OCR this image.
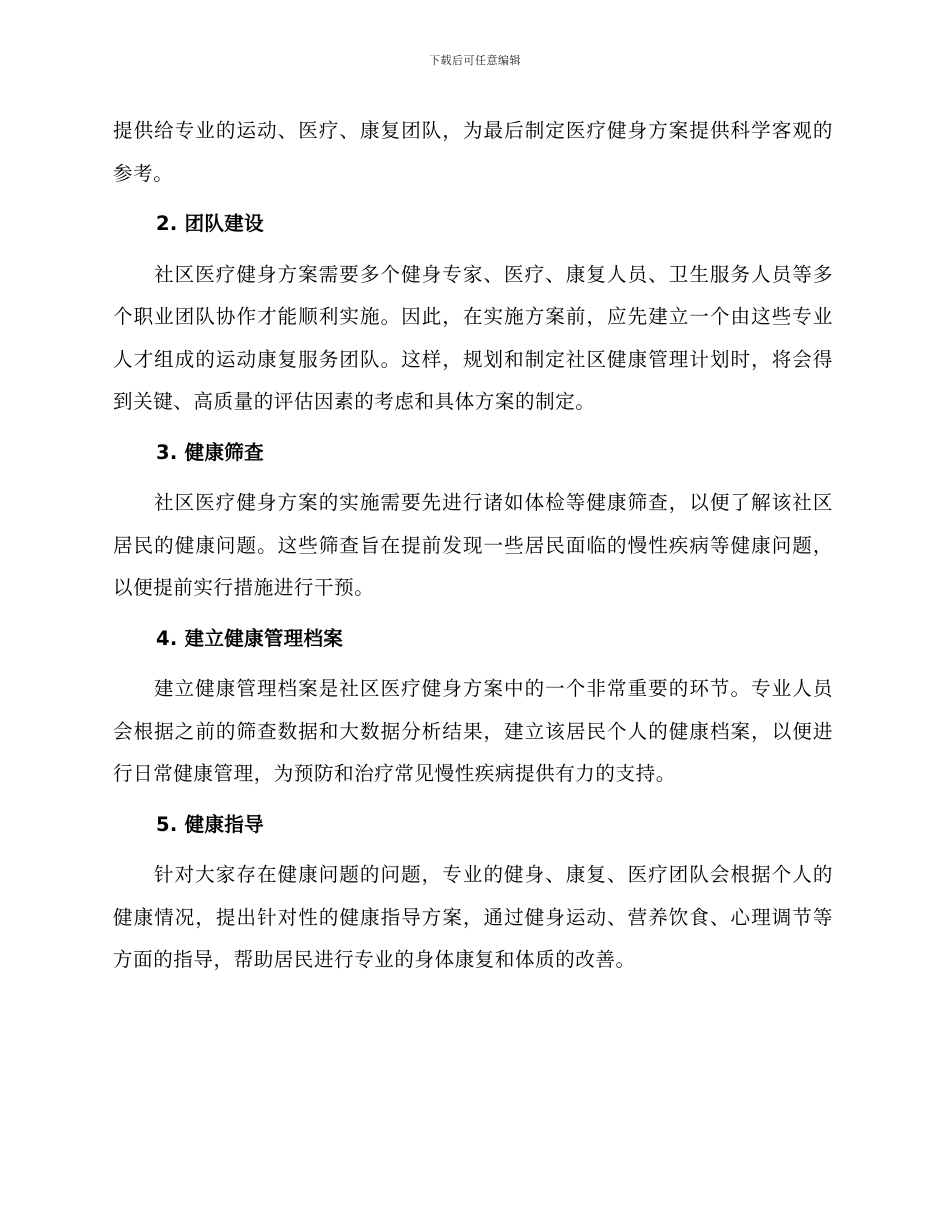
下载后可任意编辑

提供给专业的运动、医疗、康复团队，为最后制定医疗健身方案提供科学客观的参考。

2. 团队建设

社区医疗健身方案需要多个健身专家、医疗、康复人员、卫生服务人员等多个职业团队协作才能顺利实施。因此，在实施方案前，应先建立一个由这些专业人才组成的运动康复服务团队。这样，规划和制定社区健康管理计划时，将会得到关键、高质量的评估因素的考虑和具体方案的制定。

3. 健康筛查

社区医疗健身方案的实施需要先进行诸如体检等健康筛查，以便了解该社区居民的健康问题。这些筛查旨在提前发现一些居民面临的慢性疾病等健康问题，以便提前实行措施进行干预。

4. 建立健康管理档案

建立健康管理档案是社区医疗健身方案中的一个非常重要的环节。专业人员会根据之前的筛查数据和大数据分析结果，建立该居民个人的健康档案，以便进行日常健康管理，为预防和治疗常见慢性疾病提供有力的支持。

5. 健康指导

针对大家存在健康问题的问题，专业的健身、康复、医疗团队会根据个人的健康情况，提出针对性的健康指导方案，通过健身运动、营养饮食、心理调节等方面的指导，帮助居民进行专业的身体康复和体质的改善。
